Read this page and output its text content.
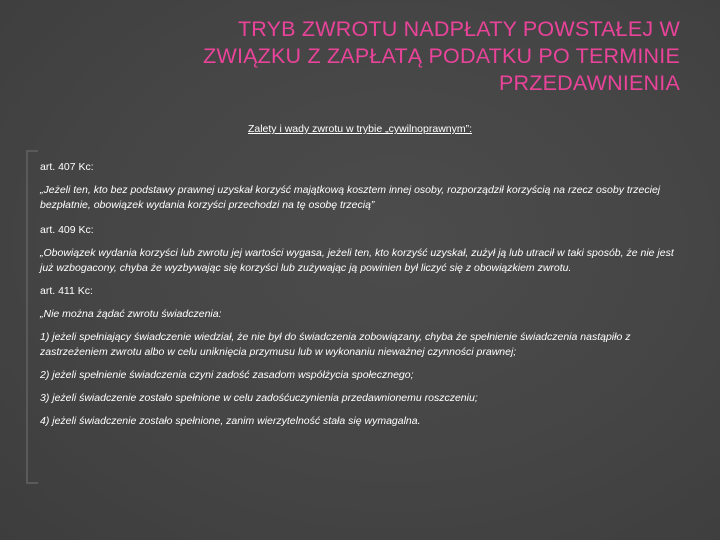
TRYB ZWROTU NADPŁATY POWSTAŁEJ W
ZWIĄZKU Z ZAPŁATĄ PODATKU PO TERMINIE
PRZEDAWNIENIA
Zalety i wady zwrotu w trybie „cywilnoprawnym”:

art. 407 Kc:

„Jeżeli ten, kto bez podstawy prawnej uzyskał korzyść majątkową kosztem innej osoby, rozporządził korzyścią na rzecz osoby trzeciej bezpłatnie, obowiązek wydania korzyści przechodzi na tę osobę trzecią”

art. 409 Kc:

„Obowiązek wydania korzyści lub zwrotu jej wartości wygasa, jeżeli ten, kto korzyść uzyskał, zużył ją lub utracił w taki sposób, że nie jest już wzbogacony, chyba że wyzbywając się korzyści lub zużywając ją powinien był liczyć się z obowiązkiem zwrotu.

art. 411 Kc:

„Nie można żądać zwrotu świadczenia:

1) jeżeli spełniający świadczenie wiedział, że nie był do świadczenia zobowiązany, chyba że spełnienie świadczenia nastąpiło z zastrzeżeniem zwrotu albo w celu uniknięcia przymusu lub w wykonaniu nieważnej czynności prawnej;

2) jeżeli spełnienie świadczenia czyni zadość zasadom współżycia społecznego;

3) jeżeli świadczenie zostało spełnione w celu zadośćuczynienia przedawnionemu roszczeniu;

4) jeżeli świadczenie zostało spełnione, zanim wierzytelność stała się wymagalna.
